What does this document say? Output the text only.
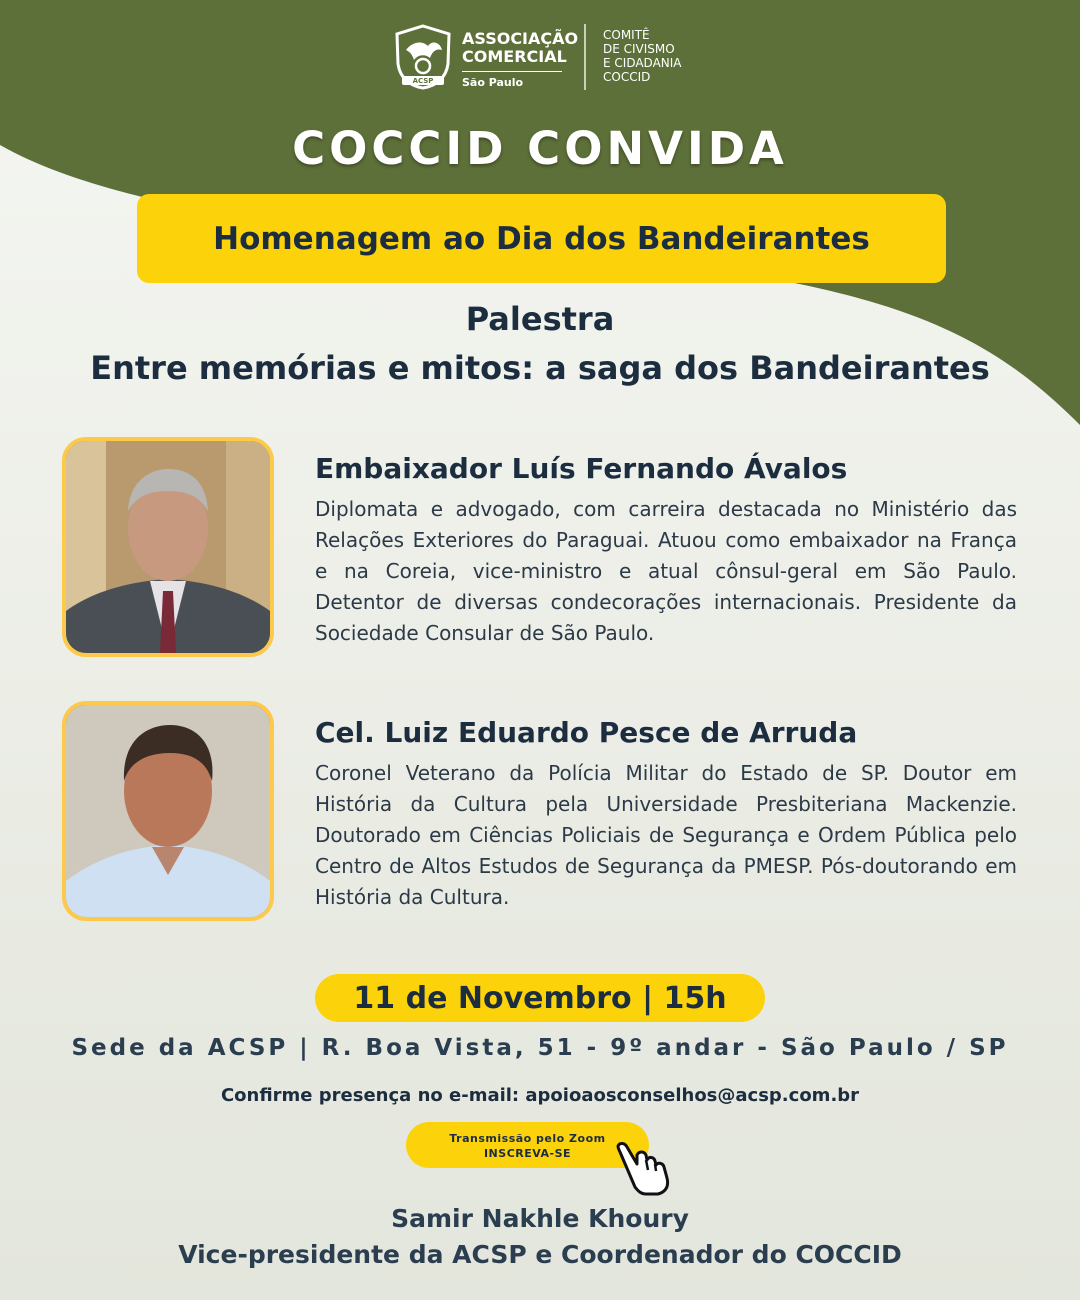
ACSP
ASSOCIAÇÃO
COMERCIAL
São Paulo
COMITÊ
DE CIVISMO
E CIDADANIA
COCCID
COCCID CONVIDA
Homenagem ao Dia dos Bandeirantes
Palestra
Entre memórias e mitos: a saga dos Bandeirantes
Embaixador Luís Fernando Ávalos
Diplomata e advogado, com carreira destacada no Ministério das Relações Exteriores do Paraguai. Atuou como embaixador na França e na Coreia, vice-ministro e atual cônsul-geral em São Paulo. Detentor de diversas condecorações internacionais. Presidente da Sociedade Consular de São Paulo.
Cel. Luiz Eduardo Pesce de Arruda
Coronel Veterano da Polícia Militar do Estado de SP. Doutor em História da Cultura pela Universidade Presbiteriana Mackenzie. Doutorado em Ciências Policiais de Segurança e Ordem Pública pelo Centro de Altos Estudos de Segurança da PMESP. Pós-doutorando em História da Cultura.
11 de Novembro | 15h
Sede da ACSP | R. Boa Vista, 51 - 9º andar - São Paulo / SP
Confirme presença no e-mail: apoioaosconselhos@acsp.com.br
Transmissão pelo Zoom
INSCREVA-SE
Samir Nakhle Khoury
Vice-presidente da ACSP e Coordenador do COCCID
